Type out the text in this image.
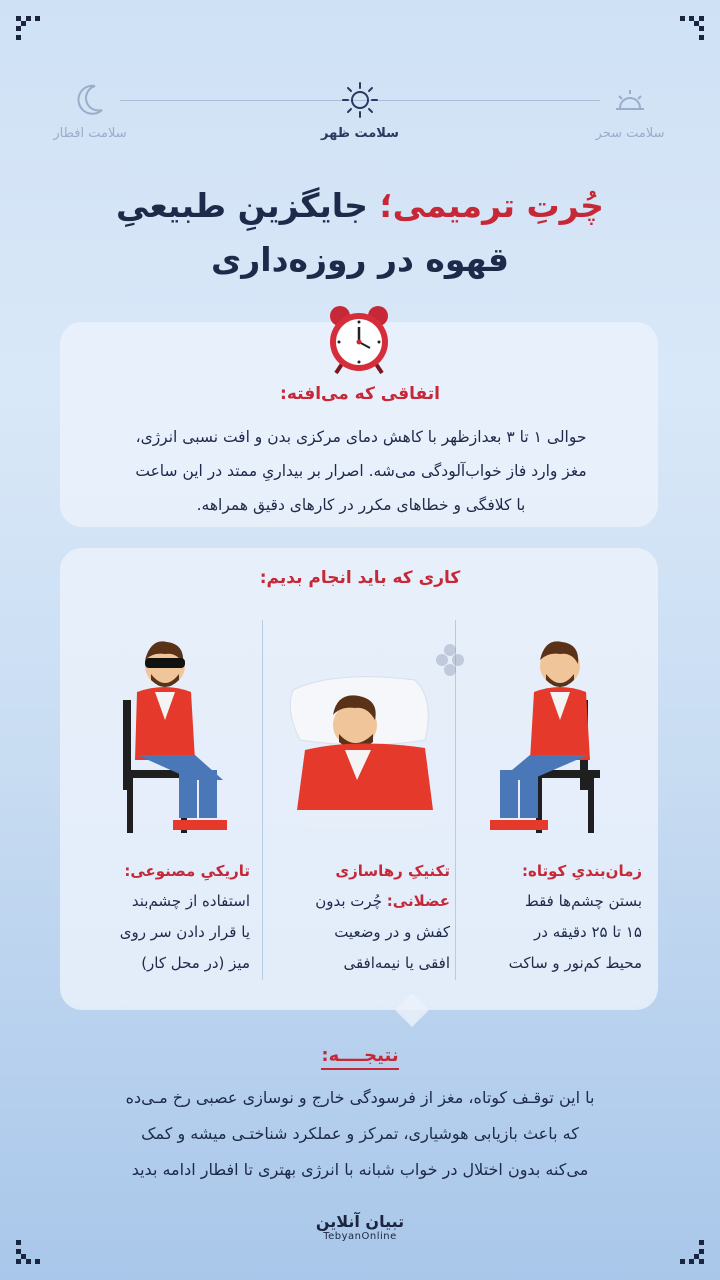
سلامت سحر
سلامت ظهر
سلامت افطار
چُرتِ ترمیمی؛ جایگزینِ طبیعیِ
قهوه در روزه‌داری
اتفاقی که می‌افته:
حوالی ۱ تا ۳ بعدازظهر با کاهش دمای مرکزی بدن و افت نسبی انرژی،
مغز وارد فاز خواب‌آلودگی می‌شه. اصرار بر بیداریِ ممتد در این ساعت
با کلافگی و خطاهای مکرر در کارهای دقیق همراهه.
کاری که باید انجام بدیم:
زمان‌بندیِ کوتاه:
بستن چشم‌ها فقط
۱۵ تا ۲۵ دقیقه در
محیط کم‌نور و ساکت
تکنیکِ رهاسازی
عضلانی: چُرت بدون
کفش و در وضعیت
افقی یا نیمه‌افقی
تاریکیِ مصنوعی:
استفاده از چشم‌بند
یا قرار دادن سر روی
میز (در محل کار)
نتیجــــه:
با این توقـف کوتاه، مغز از فرسودگی خارج و نوسازی عصبی رخ مـی‌ده
که باعث بازیابی هوشیاری، تمرکز و عملکرد شناختـی میشه و کمک
می‌کنه بدون اختلال در خواب شبانه با انرژی بهتری تا افطار ادامه بدید
تبیان آنلاین
TebyanOnline
